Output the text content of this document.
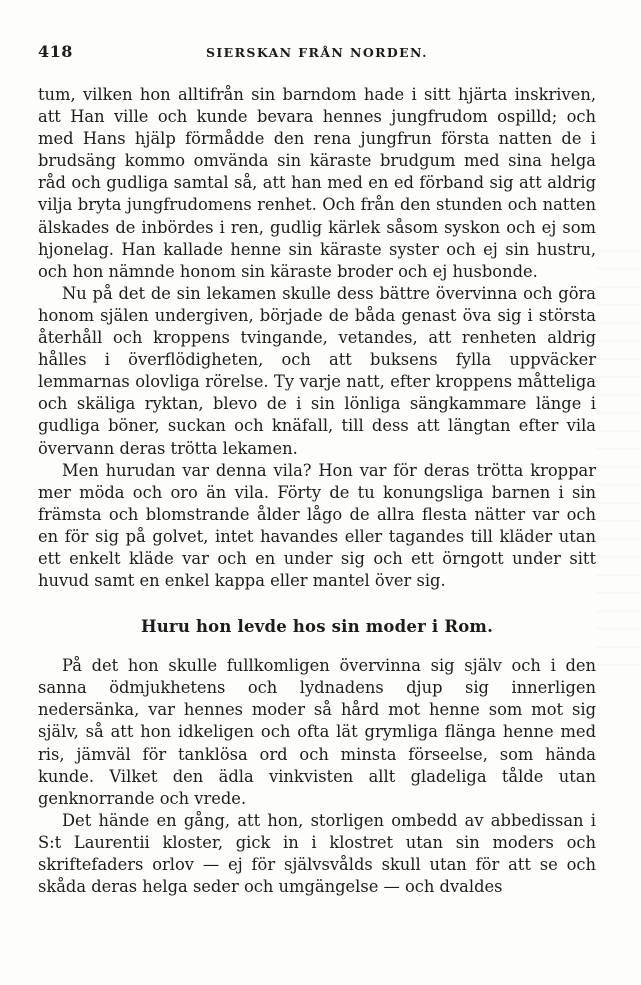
418	SIERSKAN FRÅN NORDEN.

tum, vilken hon alltifrån sin barndom hade i sitt hjärta inskriven, att Han ville och kunde bevara hennes jungfrudom ospilld; och med Hans hjälp förmådde den rena jungfrun första natten de i brudsäng kommo omvända sin käraste brudgum med sina helga råd och gudliga samtal så, att han med en ed förband sig att aldrig vilja bryta jungfrudomens renhet. Och från den stunden och natten älskades de inbördes i ren, gudlig kärlek såsom syskon och ej som hjonelag. Han kallade henne sin käraste syster och ej sin hustru, och hon nämnde honom sin käraste broder och ej husbonde.

Nu på det de sin lekamen skulle dess bättre övervinna och göra honom själen undergiven, började de båda genast öva sig i största återhåll och kroppens tvingande, vetandes, att renheten aldrig hålles i överflödigheten, och att buksens fylla uppväcker lemmarnas olovliga rörelse. Ty varje natt, efter kroppens måtteliga och skäliga ryktan, blevo de i sin lönliga sängkammare länge i gudliga böner, suckan och knäfall, till dess att längtan efter vila övervann deras trötta lekamen.

Men hurudan var denna vila? Hon var för deras trötta kroppar mer möda och oro än vila. Förty de tu konungsliga barnen i sin främsta och blomstrande ålder lågo de allra flesta nätter var och en för sig på golvet, intet havandes eller tagandes till kläder utan ett enkelt kläde var och en under sig och ett örngott under sitt huvud samt en enkel kappa eller mantel över sig.

Huru hon levde hos sin moder i Rom.

På det hon skulle fullkomligen övervinna sig själv och i den sanna ödmjukhetens och lydnadens djup sig innerligen nedersänka, var hennes moder så hård mot henne som mot sig själv, så att hon idkeligen och ofta lät grymliga flänga henne med ris, jämväl för tanklösa ord och minsta förseelse, som hända kunde. Vilket den ädla vinkvisten allt gladeliga tålde utan genknorrande och vrede.

Det hände en gång, att hon, storligen ombedd av abbedissan i S:t Laurentii kloster, gick in i klostret utan sin moders och skriftefaders orlov — ej för självsvålds skull utan för att se och skåda deras helga seder och umgängelse — och dvaldes
